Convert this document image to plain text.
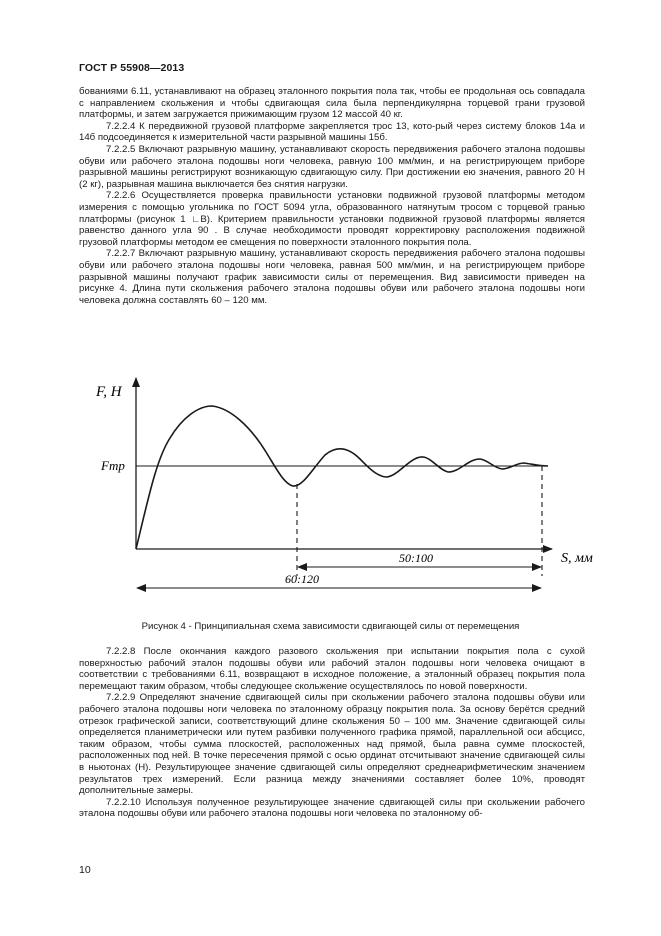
ГОСТ Р 55908—2013

бованиями 6.11, устанавливают на образец эталонного покрытия пола так, чтобы ее продольная ось совпадала с направлением скольжения и чтобы сдвигающая сила была перпендикулярна торцевой грани грузовой платформы, и затем загружается прижимающим грузом 12 массой 40 кг.

7.2.2.4 К передвижной грузовой платформе закрепляется трос 13, кото-рый через систему блоков 14а и 14б подсоединяется к измерительной части разрывной машины 15б.

7.2.2.5 Включают разрывную машину, устанавливают скорость передвижения рабочего эталона подошвы обуви или рабочего эталона подошвы ноги человека, равную 100 мм/мин, и на регистрирующем приборе разрывной машины регистрируют возникающую сдвигающую силу. При достижении ею значения, равного 20 Н (2 кг), разрывная машина выключается без снятия нагрузки.

7.2.2.6 Осуществляется проверка правильности установки подвижной грузовой платформы методом измерения с помощью угольника по ГОСТ 5094 угла, образованного натянутым тросом с торцевой гранью платформы (рисунок 1 ∟В). Критерием правильности установки подвижной грузовой платформы является равенство данного угла 90 . В случае необходимости проводят корректировку расположения подвижной грузовой платформы методом ее смещения по поверхности эталонного покрытия пола.

7.2.2.7 Включают разрывную машину, устанавливают скорость передвижения рабочего эталона подошвы обуви или рабочего эталона подошвы ноги человека, равная 500 мм/мин, и на регистрирующем приборе разрывной машины получают график зависимости силы от перемещения. Вид зависимости приведен на рисунке 4. Длина пути скольжения рабочего эталона подошвы обуви или рабочего эталона подошвы ноги человека должна составлять 60 – 120 мм.

F, Н
Fтр
S, мм
50:100
60:120
Рисунок 4 - Принципиальная схема зависимости сдвигающей силы от перемещения

7.2.2.8 После окончания каждого разового скольжения при испытании покрытия пола с сухой поверхностью рабочий эталон подошвы обуви или рабочий эталон подошвы ноги человека очищают в соответствии с требованиями 6.11, возвращают в исходное положение, а эталонный образец покрытия пола перемещают таким образом, чтобы следующее скольжение осуществлялось по новой поверхности.

7.2.2.9 Определяют значение сдвигающей силы при скольжении рабочего эталона подошвы обуви или рабочего эталона подошвы ноги человека по эталонному образцу покрытия пола. За основу берётся средний отрезок графической записи, соответствующий длине скольжения 50 – 100 мм. Значение сдвигающей силы определяется планиметрически или путем разбивки полученного графика прямой, параллельной оси абсцисс, таким образом, чтобы сумма плоскостей, расположенных над прямой, была равна сумме плоскостей, расположенных под ней. В точке пересечения прямой с осью ординат отсчитывают значение сдвигающей силы в ньютонах (Н). Результирующее значение сдвигающей силы определяют среднеарифметическим значением результатов трех измерений. Если разница между значениями составляет более 10%, проводят дополнительные замеры.

7.2.2.10 Используя полученное результирующее значение сдвигающей силы при скольжении рабочего эталона подошвы обуви или рабочего эталона подошвы ноги человека по эталонному об-

10
